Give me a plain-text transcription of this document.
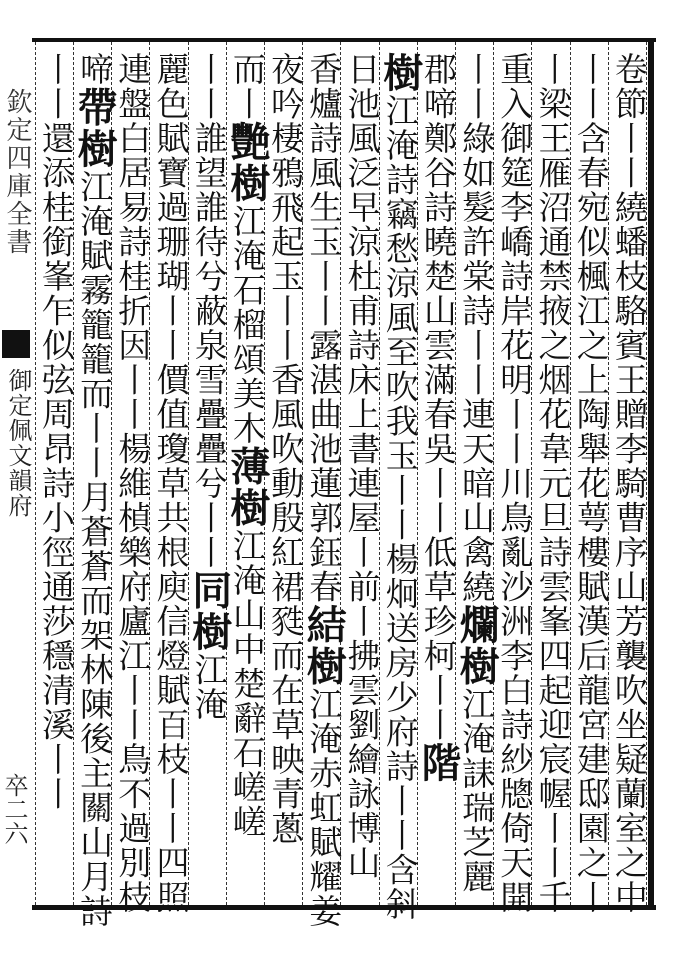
欽定四庫全書
御定佩文韻府
卒二六	卷節丨丨繞蟠枝駱賓王贈李騎曹序山芳襲吹坐疑蘭室之中
丨丨含春宛似楓江之上陶舉花萼樓賦漢后龍宮建邸園之丨
丨梁王雁沼通禁掖之烟花韋元旦詩雲峯四起迎宸幄丨丨千
重入御筵李嶠詩岸花明丨丨川鳥亂沙洲李白詩紗牕倚天開
丨丨綠如髮許棠詩丨丨連天暗山禽繞爛樹江淹誄瑞芝麗
郡啼鄭谷詩曉楚山雲滿春吳丨丨低草珍柯丨丨階
樹江淹詩竊愁涼風至吹我玉丨丨楊炯送房少府詩丨丨含斜
日池風泛早涼杜甫詩床上書連屋丨前丨拂雲劉繪詠博山
香爐詩風生玉丨丨露湛曲池蓮郭鈺春結樹江淹赤虹賦耀姜
夜吟棲鴉飛起玉丨丨香風吹動殷紅裙甤而在草映青蔥
而丨艷樹江淹石榴頌美木薄樹江淹山中楚辭石嵯嵯
丨丨誰望誰待兮蔽泉雪疊疊兮丨丨同樹江淹
麗色賦寶過珊瑚丨丨價值瓊草共根庾信燈賦百枝丨丨四照
連盤白居易詩桂折因丨丨楊維楨樂府廬江丨丨鳥不過別枝
啼帶樹江淹賦霧籠籠而丨丨月蒼蒼而架林陳後主關山月詩
丨丨還添桂銜峯乍似弦周昂詩小徑通莎穩清溪丨丨
